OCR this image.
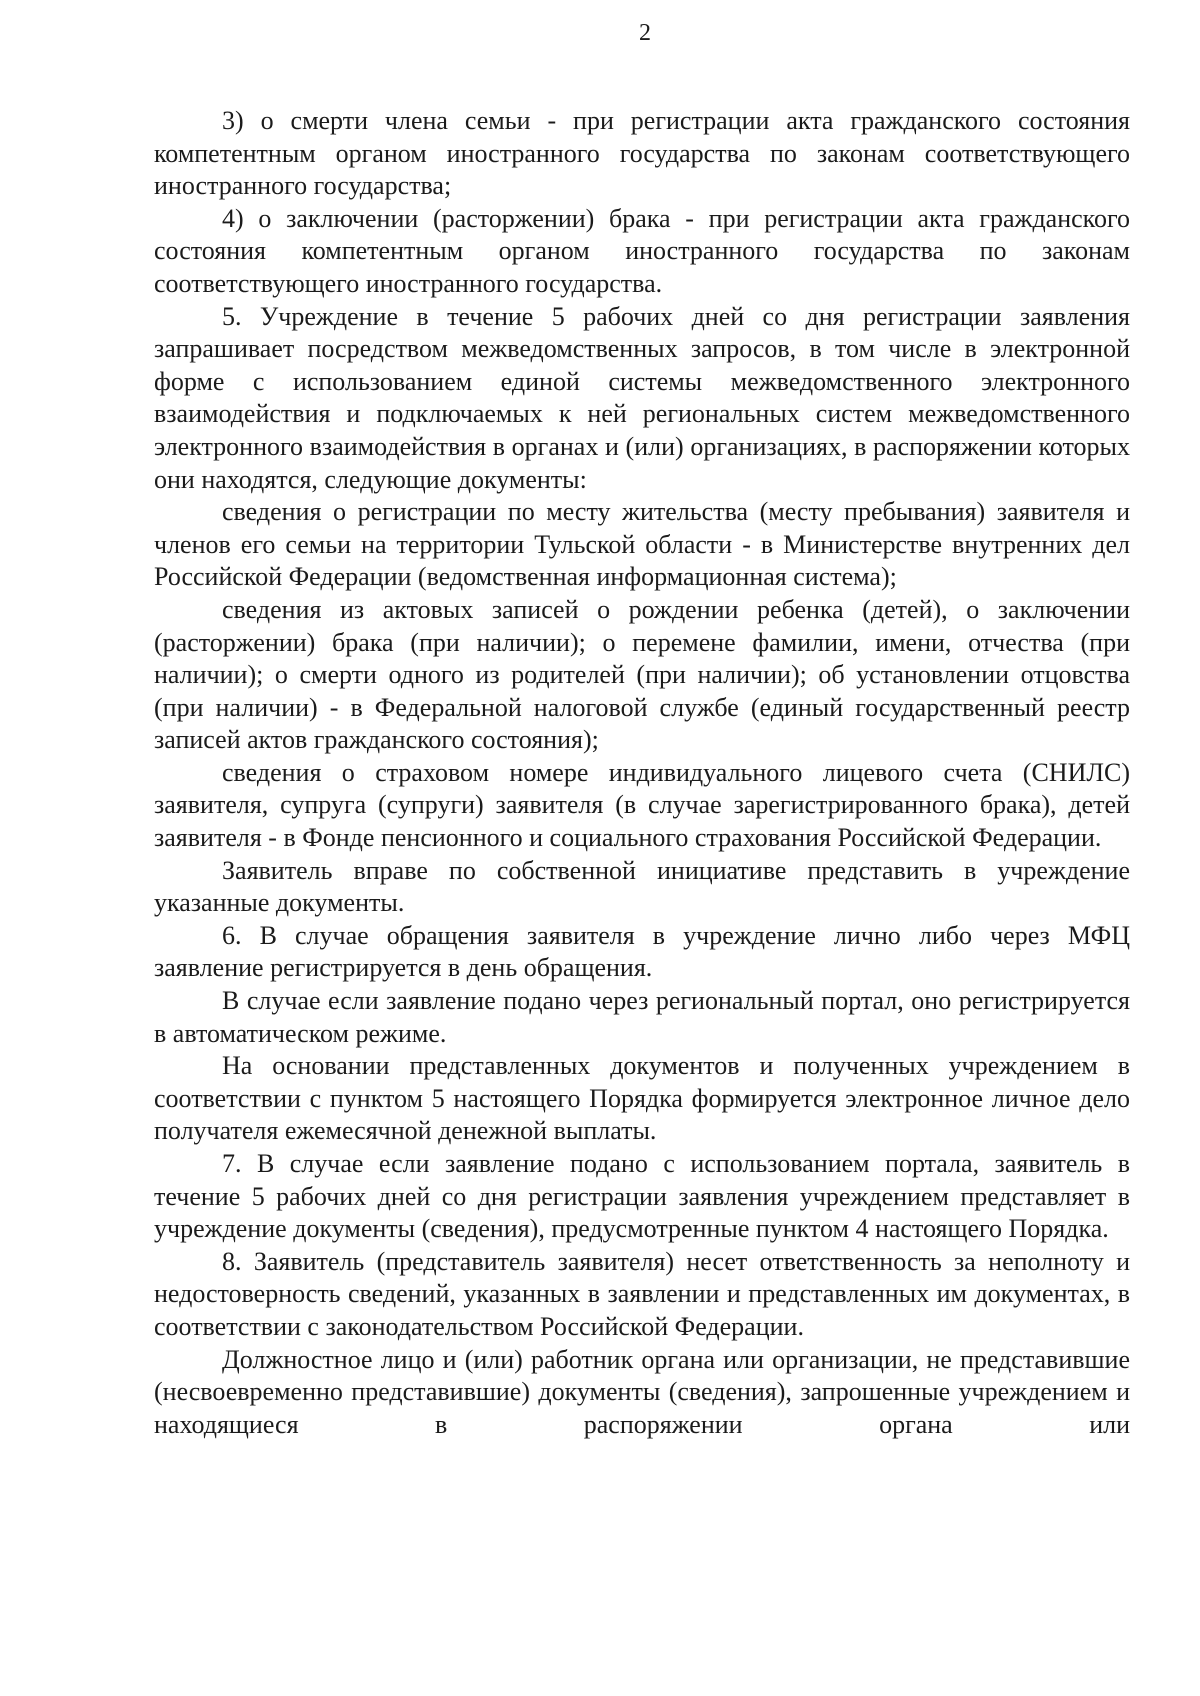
2

3) о смерти члена семьи - при регистрации акта гражданского состояния компетентным органом иностранного государства по законам соответствующего иностранного государства;

4) о заключении (расторжении) брака - при регистрации акта гражданского состояния компетентным органом иностранного государства по законам соответствующего иностранного государства.

5. Учреждение в течение 5 рабочих дней со дня регистрации заявления запрашивает посредством межведомственных запросов, в том числе в электронной форме с использованием единой системы межведомственного электронного взаимодействия и подключаемых к ней региональных систем межведомственного электронного взаимодействия в органах и (или) организациях, в распоряжении которых они находятся, следующие документы:

сведения о регистрации по месту жительства (месту пребывания) заявителя и членов его семьи на территории Тульской области - в Министерстве внутренних дел Российской Федерации (ведомственная информационная система);

сведения из актовых записей о рождении ребенка (детей), о заключении (расторжении) брака (при наличии); о перемене фамилии, имени, отчества (при наличии); о смерти одного из родителей (при наличии); об установлении отцовства (при наличии) - в Федеральной налоговой службе (единый государственный реестр записей актов гражданского состояния);

сведения о страховом номере индивидуального лицевого счета (СНИЛС) заявителя, супруга (супруги) заявителя (в случае зарегистрированного брака), детей заявителя - в Фонде пенсионного и социального страхования Российской Федерации.

Заявитель вправе по собственной инициативе представить в учреждение указанные документы.

6. В случае обращения заявителя в учреждение лично либо через МФЦ заявление регистрируется в день обращения.

В случае если заявление подано через региональный портал, оно регистрируется в автоматическом режиме.

На основании представленных документов и полученных учреждением в соответствии с пунктом 5 настоящего Порядка формируется электронное личное дело получателя ежемесячной денежной выплаты.

7. В случае если заявление подано с использованием портала, заявитель в течение 5 рабочих дней со дня регистрации заявления учреждением представляет в учреждение документы (сведения), предусмотренные пунктом 4 настоящего Порядка.

8. Заявитель (представитель заявителя) несет ответственность за неполноту и недостоверность сведений, указанных в заявлении и представленных им документах, в соответствии с законодательством Российской Федерации.

Должностное лицо и (или) работник органа или организации, не представившие (несвоевременно представившие) документы (сведения), запрошенные учреждением и находящиеся в распоряжении органа или
